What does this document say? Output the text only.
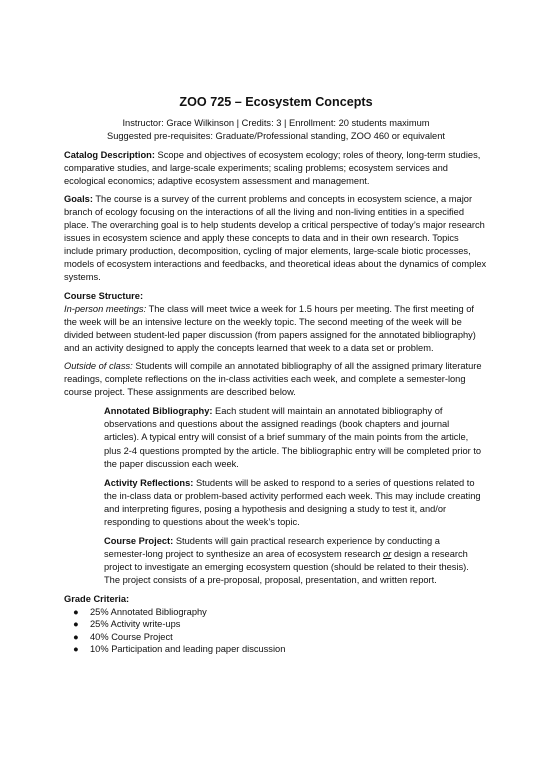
ZOO 725 – Ecosystem Concepts
Instructor: Grace Wilkinson | Credits: 3 | Enrollment: 20 students maximum
Suggested pre-requisites: Graduate/Professional standing, ZOO 460 or equivalent

Catalog Description: Scope and objectives of ecosystem ecology; roles of theory, long-term studies, comparative studies, and large-scale experiments; scaling problems; ecosystem services and ecological economics; adaptive ecosystem assessment and management.

Goals: The course is a survey of the current problems and concepts in ecosystem science, a major branch of ecology focusing on the interactions of all the living and non-living entities in a specified place. The overarching goal is to help students develop a critical perspective of today’s major research issues in ecosystem science and apply these concepts to data and in their own research. Topics include primary production, decomposition, cycling of major elements, large-scale biotic processes, models of ecosystem interactions and feedbacks, and theoretical ideas about the dynamics of complex systems.

Course Structure:

In-person meetings: The class will meet twice a week for 1.5 hours per meeting. The first meeting of the week will be an intensive lecture on the weekly topic. The second meeting of the week will be divided between student-led paper discussion (from papers assigned for the annotated bibliography) and an activity designed to apply the concepts learned that week to a data set or problem.

Outside of class: Students will compile an annotated bibliography of all the assigned primary literature readings, complete reflections on the in-class activities each week, and complete a semester-long course project. These assignments are described below.

Annotated Bibliography: Each student will maintain an annotated bibliography of observations and questions about the assigned readings (book chapters and journal articles). A typical entry will consist of a brief summary of the main points from the article, plus 2-4 questions prompted by the article. The bibliographic entry will be completed prior to the paper discussion each week.

Activity Reflections: Students will be asked to respond to a series of questions related to the in-class data or problem-based activity performed each week. This may include creating and interpreting figures, posing a hypothesis and designing a study to test it, and/or responding to questions about the week’s topic.

Course Project: Students will gain practical research experience by conducting a semester-long project to synthesize an area of ecosystem research or design a research project to investigate an emerging ecosystem question (should be related to their thesis). The project consists of a pre-proposal, proposal, presentation, and written report.

Grade Criteria:
● 25% Annotated Bibliography
● 25% Activity write-ups
● 40% Course Project
● 10% Participation and leading paper discussion
